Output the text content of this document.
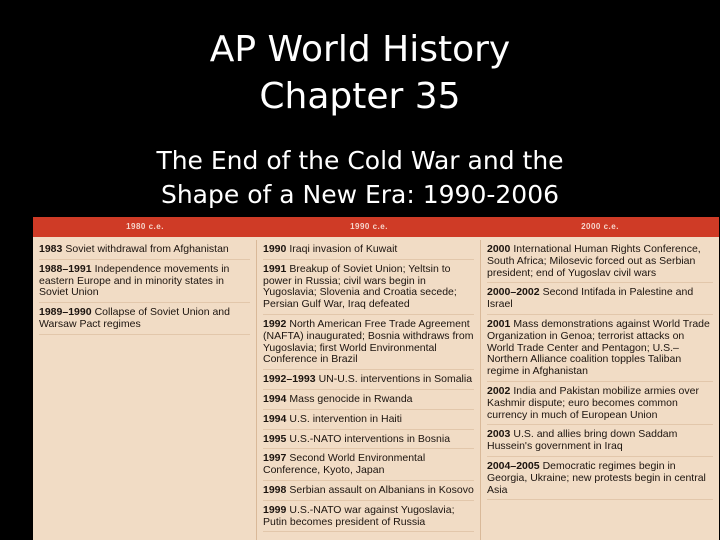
AP World History
Chapter 35
The End of the Cold War and the
Shape of a New Era: 1990-2006
1980 c.e.	1990 c.e.	2000 c.e.
1983 Soviet withdrawal from Afghanistan
1988–1991 Independence movements in eastern Europe and in minority states in Soviet Union
1989–1990 Collapse of Soviet Union and Warsaw Pact regimes
1990 Iraqi invasion of Kuwait
1991 Breakup of Soviet Union; Yeltsin to power in Russia; civil wars begin in Yugoslavia; Slovenia and Croatia secede; Persian Gulf War, Iraq defeated
1992 North American Free Trade Agreement (NAFTA) inaugurated; Bosnia withdraws from Yugoslavia; first World Environmental Conference in Brazil
1992–1993 UN-U.S. interventions in Somalia
1994 Mass genocide in Rwanda
1994 U.S. intervention in Haiti
1995 U.S.-NATO interventions in Bosnia
1997 Second World Environmental Conference, Kyoto, Japan
1998 Serbian assault on Albanians in Kosovo
1999 U.S.-NATO war against Yugoslavia; Putin becomes president of Russia
2000 International Human Rights Conference, South Africa; Milosevic forced out as Serbian president; end of Yugoslav civil wars
2000–2002 Second Intifada in Palestine and Israel
2001 Mass demonstrations against World Trade Organization in Genoa; terrorist attacks on World Trade Center and Pentagon; U.S.–Northern Alliance coalition topples Taliban regime in Afghanistan
2002 India and Pakistan mobilize armies over Kashmir dispute; euro becomes common currency in much of European Union
2003 U.S. and allies bring down Saddam Hussein's government in Iraq
2004–2005 Democratic regimes begin in Georgia, Ukraine; new protests begin in central Asia
